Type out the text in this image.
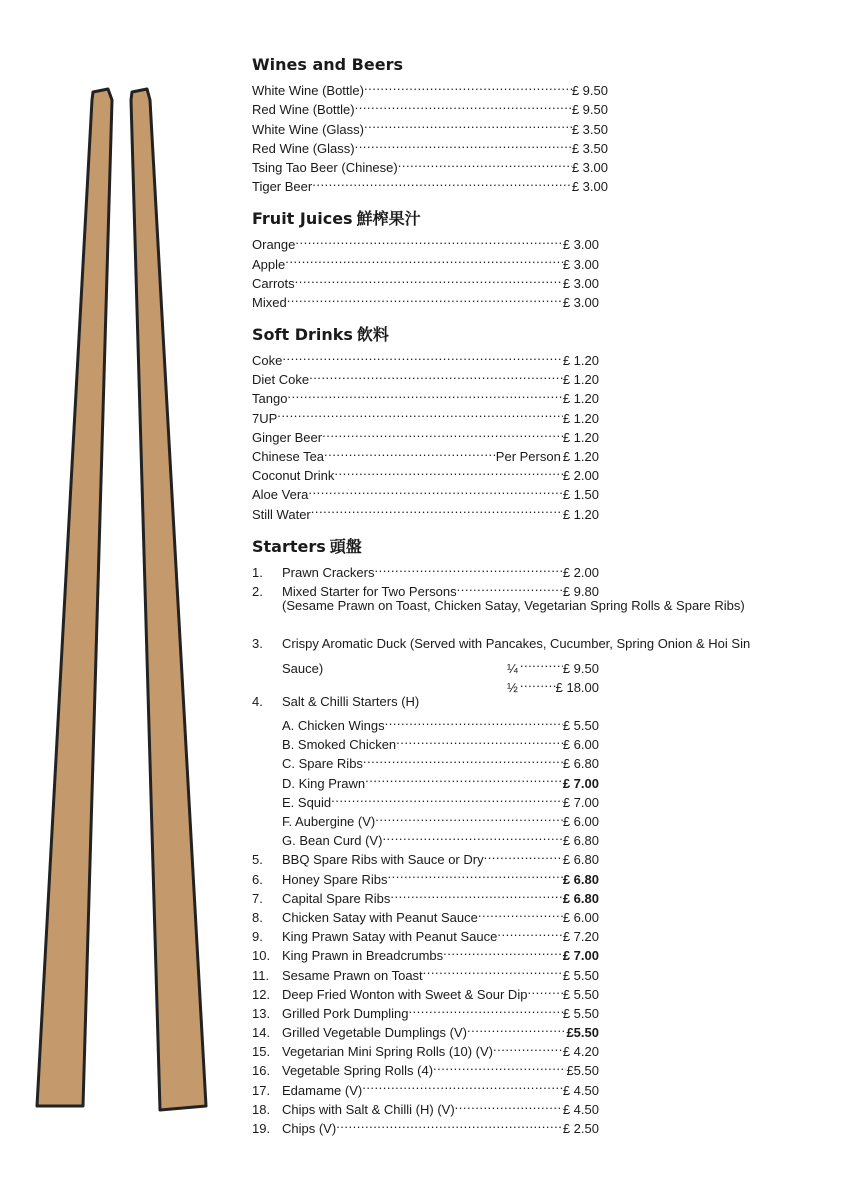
Wines and Beers
White Wine (Bottle) .....	£ 9.50
Red Wine (Bottle) .....	£ 9.50
White Wine (Glass) .....	£ 3.50
Red Wine (Glass) .....	£ 3.50
Tsing Tao Beer (Chinese) .....	£ 3.00
Tiger Beer .....	£ 3.00
Fruit Juices 鮮榨果汁
Orange .....	£ 3.00
Apple .....	£ 3.00
Carrots .....	£ 3.00
Mixed .....	£ 3.00
Soft Drinks 飲料
Coke .....	£ 1.20
Diet Coke .....	£ 1.20
Tango .....	£ 1.20
7UP .....	£ 1.20
Ginger Beer .....	£ 1.20
Chinese Tea .....	Per Person £ 1.20
Coconut Drink .....	£ 2.00
Aloe Vera .....	£ 1.50
Still Water .....	£ 1.20
Starters 頭盤
1.	Prawn Crackers .....	£ 2.00
2.	Mixed Starter for Two Persons .....	£ 9.80
(Sesame Prawn on Toast, Chicken Satay, Vegetarian Spring Rolls & Spare Ribs)
3.	Crispy Aromatic Duck (Served with Pancakes, Cucumber, Spring Onion & Hoi Sin
Sauce)	¼ .....	£ 9.50
½ .....	£ 18.00
4.	Salt & Chilli Starters (H)
A. Chicken Wings .....	£ 5.50
B. Smoked Chicken .....	£ 6.00
C. Spare Ribs .....	£ 6.80
D. King Prawn .....	£ 7.00
E. Squid .....	£ 7.00
F. Aubergine (V) .....	£ 6.00
G. Bean Curd (V) .....	£ 6.80
5.	BBQ Spare Ribs with Sauce or Dry .....	£ 6.80
6.	Honey Spare Ribs .....	£ 6.80
7.	Capital Spare Ribs .....	£ 6.80
8.	Chicken Satay with Peanut Sauce .....	£ 6.00
9.	King Prawn Satay with Peanut Sauce .....	£ 7.20
10. King Prawn in Breadcrumbs .....	£ 7.00
11. Sesame Prawn on Toast .....	£ 5.50
12. Deep Fried Wonton with Sweet & Sour Dip .....	£ 5.50
13. Grilled Pork Dumpling .....	£ 5.50
14. Grilled Vegetable Dumplings (V) .....	£5.50
15. Vegetarian Mini Spring Rolls (10) (V) .....	£ 4.20
16. Vegetable Spring Rolls (4) .....	£5.50
17. Edamame (V) .....	£ 4.50
18. Chips with Salt & Chilli (H) (V) .....	£ 4.50
19. Chips (V) .....	£ 2.50
